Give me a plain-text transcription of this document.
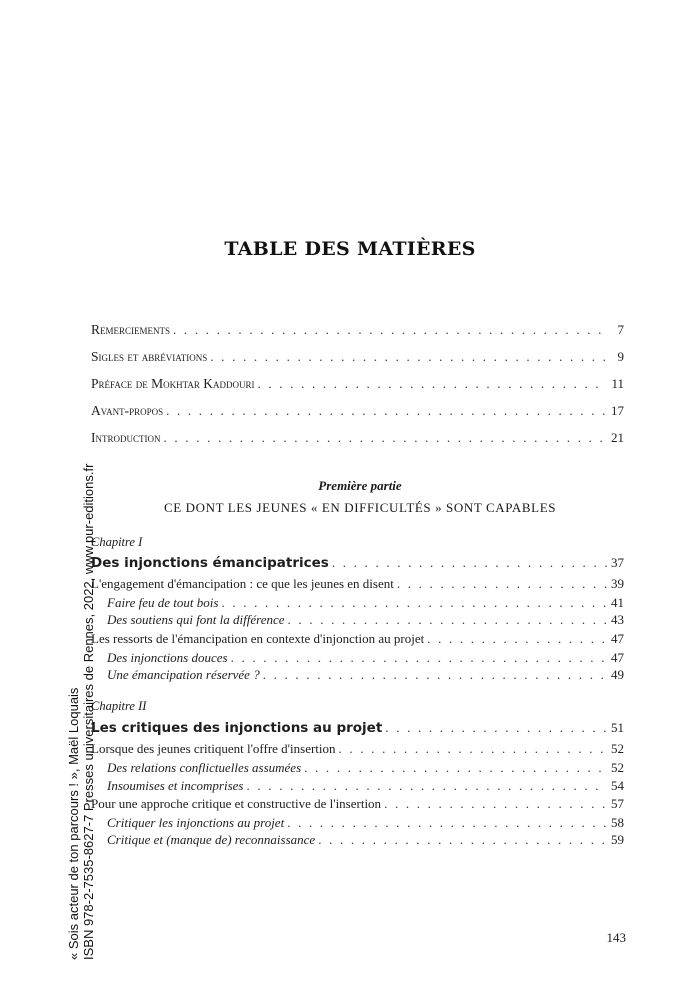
« Sois acteur de ton parcours ! », Maël Loquais ISBN 978-2-7535-8627-7 Presses universitaires de Rennes, 2022, www.pur-editions.fr
TABLE DES MATIÈRES
Remerciements . . .	7
Sigles et abréviations . . .	9
Préface de Mokhtar Kaddouri . . .	11
Avant-propos . . .	17
Introduction . . .	21
Première partie
CE DONT LES JEUNES « EN DIFFICULTÉS » SONT CAPABLES
Chapitre I
Des injonctions émancipatrices . . .	37
L'engagement d'émancipation : ce que les jeunes en disent . . .	39
Faire feu de tout bois . . .	41
Des soutiens qui font la différence . . .	43
Les ressorts de l'émancipation en contexte d'injonction au projet . . .	47
Des injonctions douces . . .	47
Une émancipation réservée ? . . .	49
Chapitre II
Les critiques des injonctions au projet . . .	51
Lorsque des jeunes critiquent l'offre d'insertion . . .	52
Des relations conflictuelles assumées . . .	52
Insoumises et incomprises . . .	54
Pour une approche critique et constructive de l'insertion . . .	57
Critiquer les injonctions au projet . . .	58
Critique et (manque de) reconnaissance . . .	59
143
